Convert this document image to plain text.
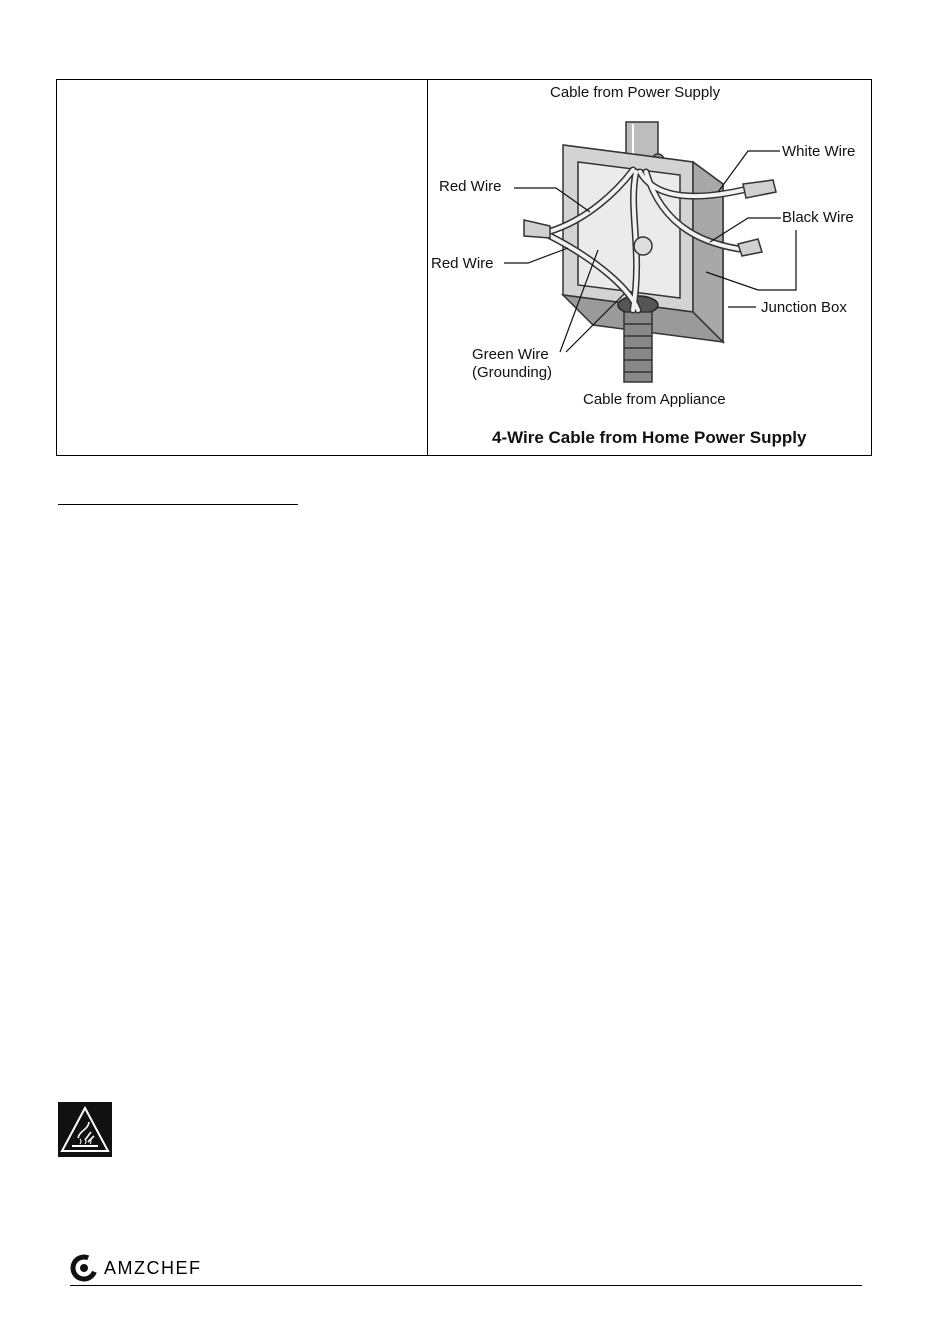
Cable from Power Supply
White Wire
Red Wire
Black Wire
Red Wire
Junction Box
Green Wire
(Grounding)
Cable from Appliance
4-Wire Cable from Home Power Supply
AMZCHEF
